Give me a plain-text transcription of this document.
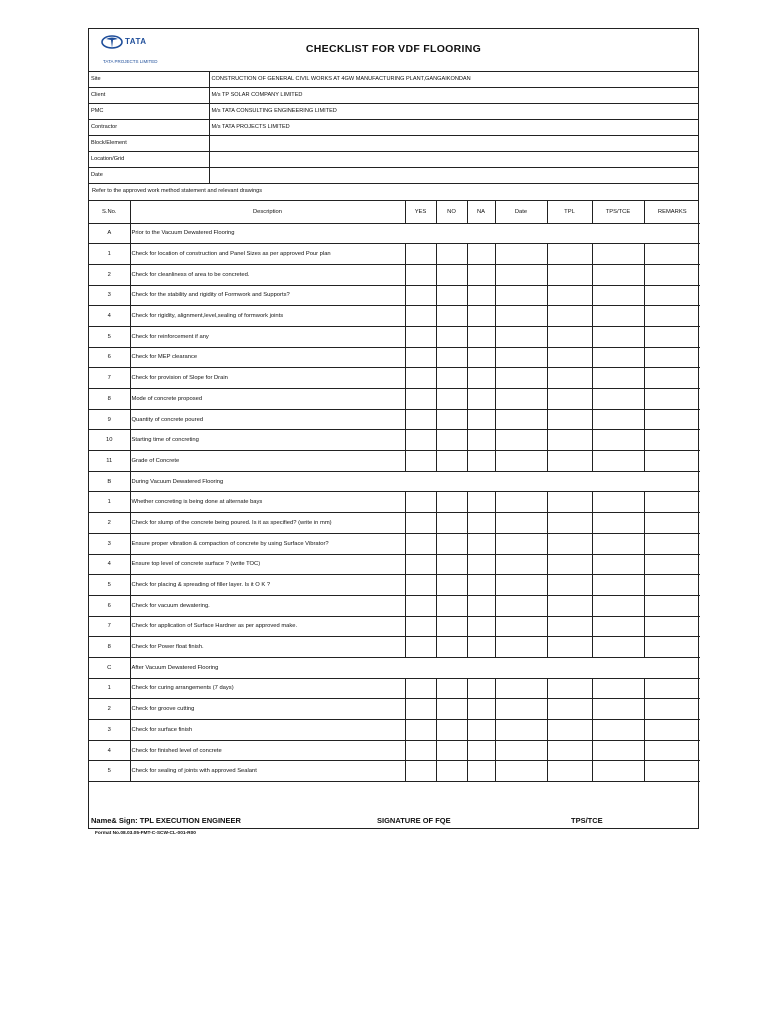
TATA
TATA PROJECTS LIMITED
CHECKLIST FOR VDF FLOORING
Site	CONSTRUCTION OF GENERAL CIVIL WORKS AT 4GW MANUFACTURING PLANT,GANGAIKONDAN
Client	M/s TP SOLAR COMPANY LIMITED
PMC	M/s TATA CONSULTING ENGINEERING LIMITED
Contractor	M/s TATA PROJECTS LIMITED
Block/Element	
Location/Grid	
Date	
Refer to the approved work method statement and relevant drawings
S.No.	Description	YES	NO	NA	Date	TPL	TPS/TCE	REMARKS
A	Prior to the Vacuum Dewatered Flooring							
1	Check for location of construction and Panel Sizes as per approved Pour plan							
2	Check for cleanliness of area to be concreted.							
3	Check for the stability and rigidity of Formwork and Supports?							
4	Check for rigidity, alignment,level,sealing of formwork joints							
5	Check for reinforcement if any							
6	Check for MEP clearance							
7	Check for provision of Slope for Drain							
8	Mode of concrete proposed							
9	Quantity of concrete poured							
10	Starting time of concreting							
11	Grade of Concrete							
B	During Vacuum Dewatered Flooring							
1	Whether concreting is being done at alternate bays							
2	Check for slump of the concrete being poured. Is it as specified? (write in mm)							
3	Ensure proper vibration & compaction of concrete by using Surface Vibrator?							
4	Ensure top level of concrete surface ? (write TOC)							
5	Check for placing & spreading of filler layer. Is it O K ?							
6	Check for vacuum dewatering.							
7	Check for application of Surface Hardner as per approved make.							
8	Check for Power float finish.							
C	After Vacuum Dewatered Flooring							
1	Check for curing arrangements (7 days)							
2	Check for groove cutting							
3	Check for surface finish							
4	Check for finished level of concrete							
5	Check for sealing of joints with approved Sealant							
Name& Sign: TPL EXECUTION ENGINEER	SIGNATURE OF FQE	TPS/TCE
Format No.08.03.05-FMT-C-SCW-CL-001-R00
